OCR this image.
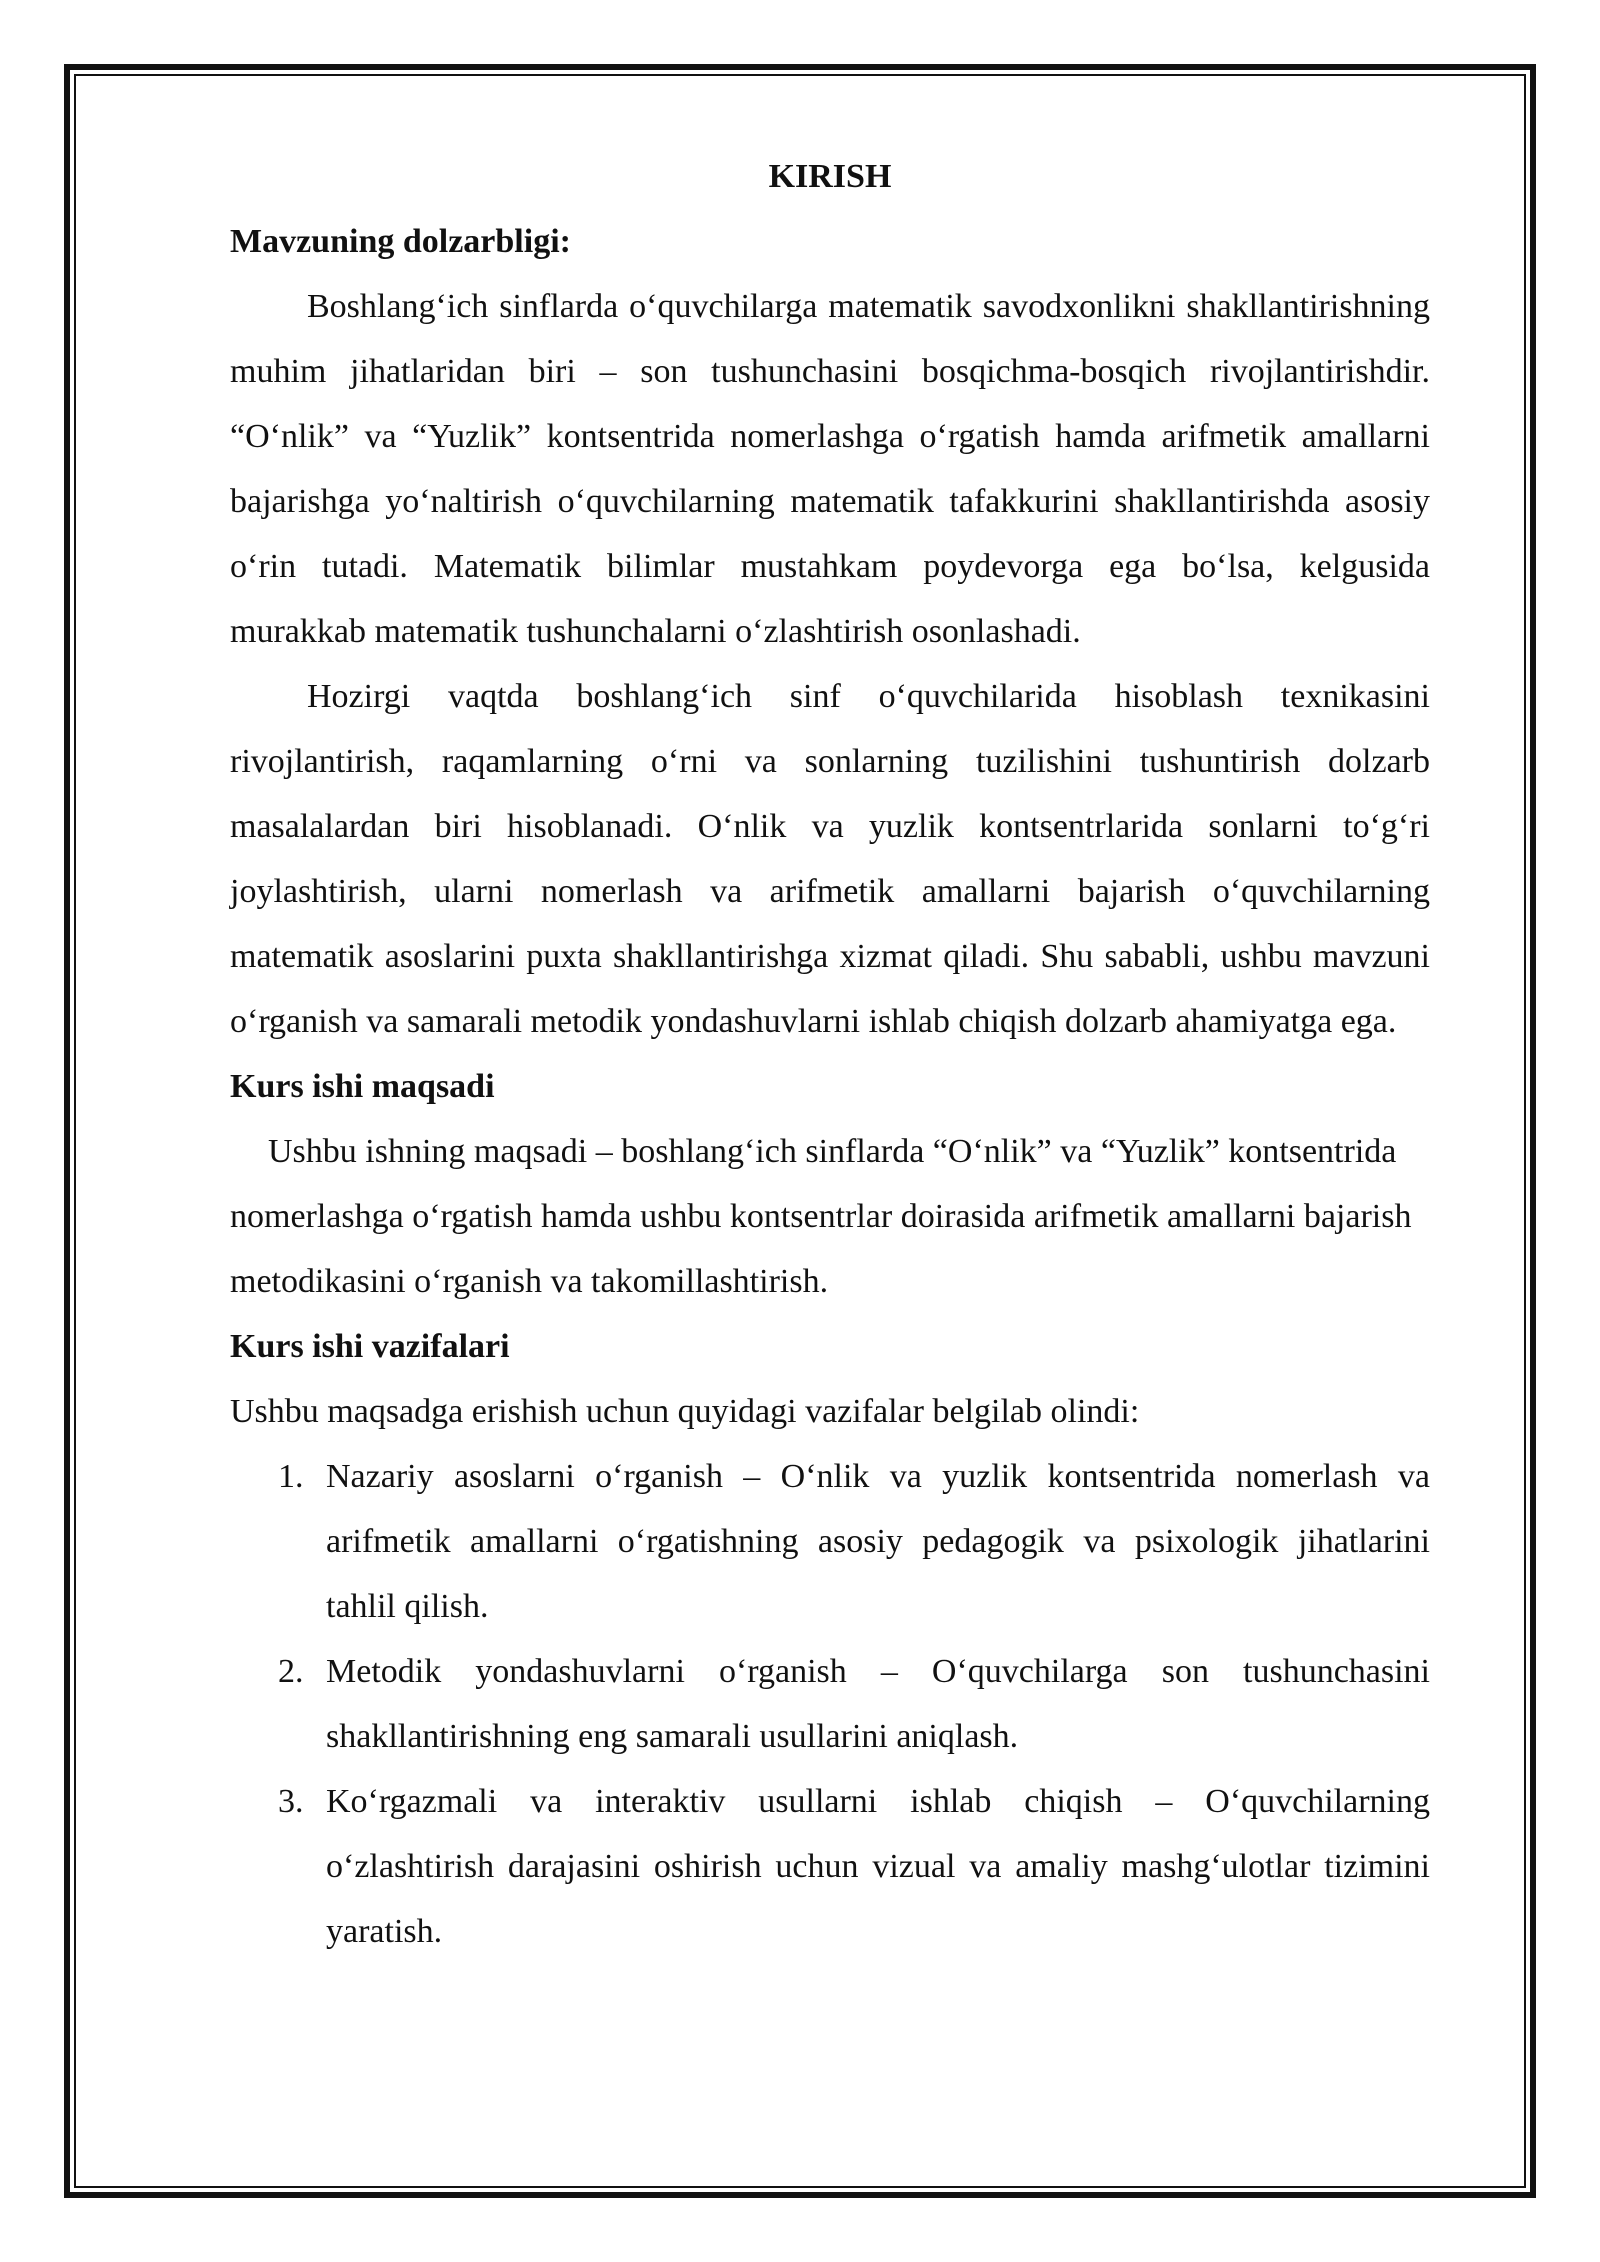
KIRISH

Mavzuning dolzarbligi:

Boshlang‘ich sinflarda o‘quvchilarga matematik savodxonlikni shakllantirishning muhim jihatlaridan biri – son tushunchasini bosqichma-bosqich rivojlantirishdir. “O‘nlik” va “Yuzlik” kontsentrida nomerlashga o‘rgatish hamda arifmetik amallarni bajarishga yo‘naltirish o‘quvchilarning matematik tafakkurini shakllantirishda asosiy o‘rin tutadi. Matematik bilimlar mustahkam poydevorga ega bo‘lsa, kelgusida murakkab matematik tushunchalarni o‘zlashtirish osonlashadi.

Hozirgi vaqtda boshlang‘ich sinf o‘quvchilarida hisoblash texnikasini rivojlantirish, raqamlarning o‘rni va sonlarning tuzilishini tushuntirish dolzarb masalalardan biri hisoblanadi. O‘nlik va yuzlik kontsentrlarida sonlarni to‘g‘ri joylashtirish, ularni nomerlash va arifmetik amallarni bajarish o‘quvchilarning matematik asoslarini puxta shakllantirishga xizmat qiladi. Shu sababli, ushbu mavzuni o‘rganish va samarali metodik yondashuvlarni ishlab chiqish dolzarb ahamiyatga ega.

Kurs ishi maqsadi

Ushbu ishning maqsadi – boshlang‘ich sinflarda “O‘nlik” va “Yuzlik” kontsentrida nomerlashga o‘rgatish hamda ushbu kontsentrlar doirasida arifmetik amallarni bajarish metodikasini o‘rganish va takomillashtirish.

Kurs ishi vazifalari

Ushbu maqsadga erishish uchun quyidagi vazifalar belgilab olindi:

1. Nazariy asoslarni o‘rganish – O‘nlik va yuzlik kontsentrida nomerlash va arifmetik amallarni o‘rgatishning asosiy pedagogik va psixologik jihatlarini tahlil qilish.
2. Metodik yondashuvlarni o‘rganish – O‘quvchilarga son tushunchasini shakllantirishning eng samarali usullarini aniqlash.
3. Ko‘rgazmali va interaktiv usullarni ishlab chiqish – O‘quvchilarning o‘zlashtirish darajasini oshirish uchun vizual va amaliy mashg‘ulotlar tizimini yaratish.
